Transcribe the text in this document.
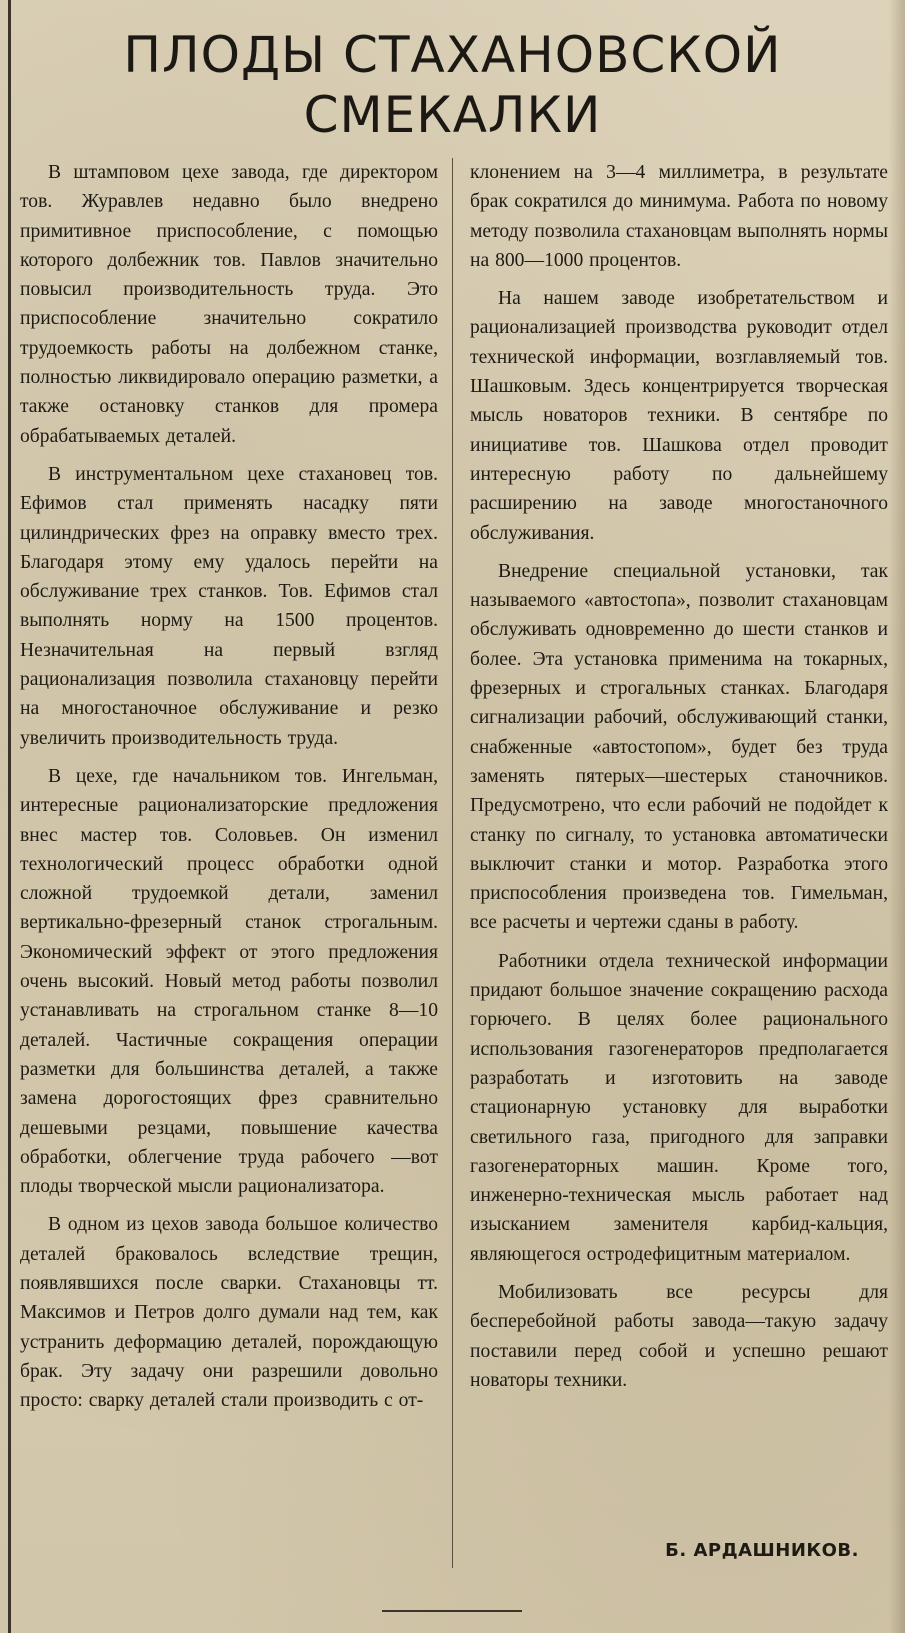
ПЛОДЫ СТАХАНОВСКОЙ
СМЕКАЛКИ

В штамповом цехе завода, где директором тов. Журавлев недавно было внедрено примитивное приспособление, с помощью которого долбежник тов. Павлов значительно повысил производительность труда. Это приспособление значительно сократило трудоемкость работы на долбежном станке, полностью ликвидировало операцию разметки, а также остановку станков для промера обрабатываемых деталей.

В инструментальном цехе стахановец тов. Ефимов стал применять насадку пяти цилиндрических фрез на оправку вместо трех. Благодаря этому ему удалось перейти на обслуживание трех станков. Тов. Ефимов стал выполнять норму на 1500 процентов. Незначительная на первый взгляд рационализация позволила стахановцу перейти на многостаночное обслуживание и резко увеличить производительность труда.

В цехе, где начальником тов. Ингельман, интересные рационализаторские предложения внес мастер тов. Соловьев. Он изменил технологический процесс обработки одной сложной трудоемкой детали, заменил вертикально-фрезерный станок строгальным. Экономический эффект от этого предложения очень высокий. Новый метод работы позволил устанавливать на строгальном станке 8—10 деталей. Частичные сокращения операции разметки для большинства деталей, а также замена дорогостоящих фрез сравнительно дешевыми резцами, повышение качества обработки, облегчение труда рабочего —вот плоды творческой мысли рационализатора.

В одном из цехов завода большое количество деталей браковалось вследствие трещин, появлявшихся после сварки. Стахановцы тт. Максимов и Петров долго думали над тем, как устранить деформацию деталей, порождающую брак. Эту задачу они разрешили довольно просто: сварку деталей стали производить с от-

клонением на 3—4 миллиметра, в результате брак сократился до минимума. Работа по новому методу позволила стахановцам выполнять нормы на 800—1000 процентов.

На нашем заводе изобретательством и рационализацией производства руководит отдел технической информации, возглавляемый тов. Шашковым. Здесь концентрируется творческая мысль новаторов техники. В сентябре по инициативе тов. Шашкова отдел проводит интересную работу по дальнейшему расширению на заводе многостаночного обслуживания.

Внедрение специальной установки, так называемого «автостопа», позволит стахановцам обслуживать одновременно до шести станков и более. Эта установка применима на токарных, фрезерных и строгальных станках. Благодаря сигнализации рабочий, обслуживающий станки, снабженные «автостопом», будет без труда заменять пятерых—шестерых станочников. Предусмотрено, что если рабочий не подойдет к станку по сигналу, то установка автоматически выключит станки и мотор. Разработка этого приспособления произведена тов. Гимельман, все расчеты и чертежи сданы в работу.

Работники отдела технической информации придают большое значение сокращению расхода горючего. В целях более рационального использования газогенераторов предполагается разработать и изготовить на заводе стационарную установку для выработки светильного газа, пригодного для заправки газогенераторных машин. Кроме того, инженерно-техническая мысль работает над изысканием заменителя карбид-кальция, являющегося остродефицитным материалом.

Мобилизовать все ресурсы для бесперебойной работы завода—такую задачу поставили перед собой и успешно решают новаторы техники.

Б. АРДАШНИКОВ.
